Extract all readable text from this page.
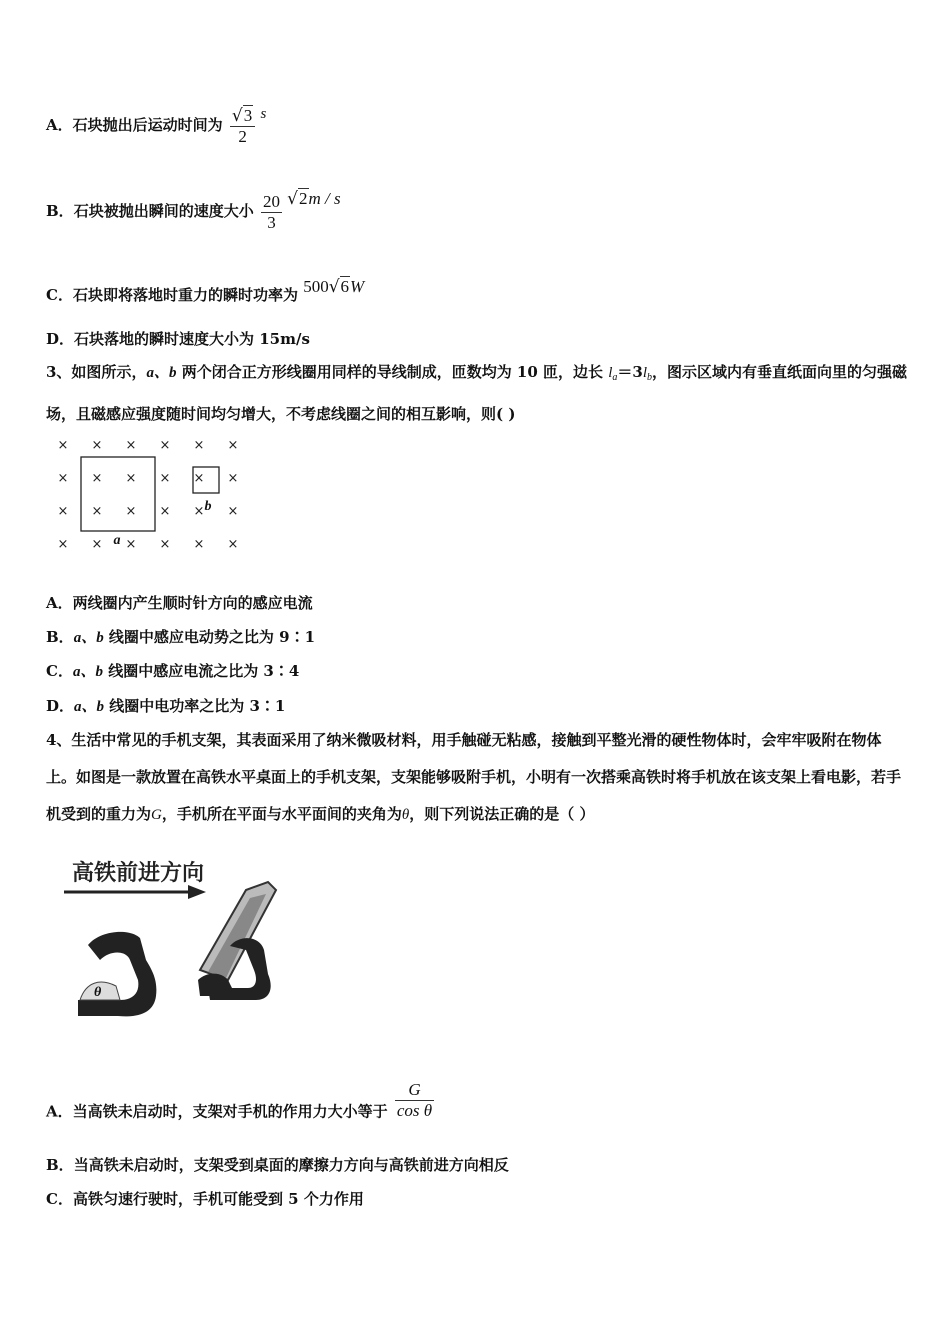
A．石块抛出后运动时间为 $\frac{√3}{2}$ s
B．石块被抛出瞬间的速度大小 $\frac{20}{3} √2m$ / s
C．石块即将落地时重力的瞬时功率为 500√6W
D．石块落地的瞬时速度大小为 15m/s
3、如图所示，a、b 两个闭合正方形线圈用同样的导线制成，匝数均为 10 匝，边长 $l_a=3l_b$，图示区域内有垂直纸面向里的匀强磁场，且磁感应强度随时间均匀增大，不考虑线圈之间的相互影响，则( )
× × × × × ×
× × × × × ×
× × × × × ×
× × × × × ×
a
b
A．两线圈内产生顺时针方向的感应电流
B．a、b 线圈中感应电动势之比为 9∶1
C．a、b 线圈中感应电流之比为 3∶4
D．a、b 线圈中电功率之比为 3∶1
4、生活中常见的手机支架，其表面采用了纳米微吸材料，用手触碰无粘感，接触到平整光滑的硬性物体时，会牢牢吸附在物体上。如图是一款放置在高铁水平桌面上的手机支架，支架能够吸附手机，小明有一次搭乘高铁时将手机放在该支架上看电影，若手机受到的重力为G，手机所在平面与水平面间的夹角为θ，则下列说法正确的是（ ）
高铁前进方向
θ
A．当高铁未启动时，支架对手机的作用力大小等于 $\frac{G}{\text{cos θ}}$
B．当高铁未启动时，支架受到桌面的摩擦力方向与高铁前进方向相反
C．高铁匀速行驶时，手机可能受到 5 个力作用
